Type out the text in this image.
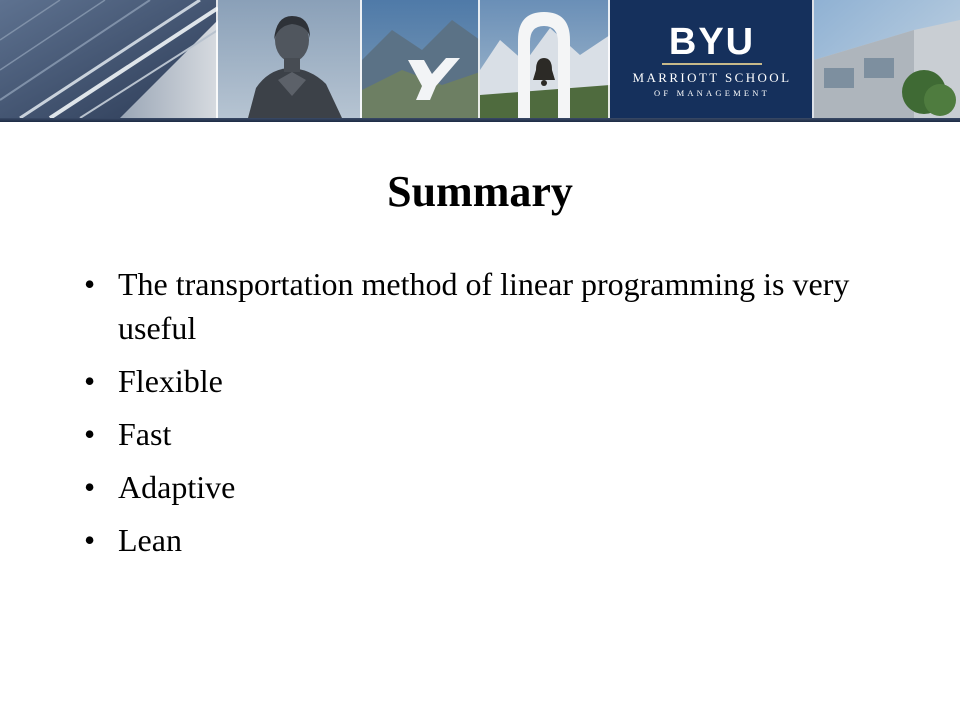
BYU
MARRIOTT SCHOOL
OF MANAGEMENT
Summary
• The transportation method of linear programming is very useful
• Flexible
• Fast
• Adaptive
• Lean
